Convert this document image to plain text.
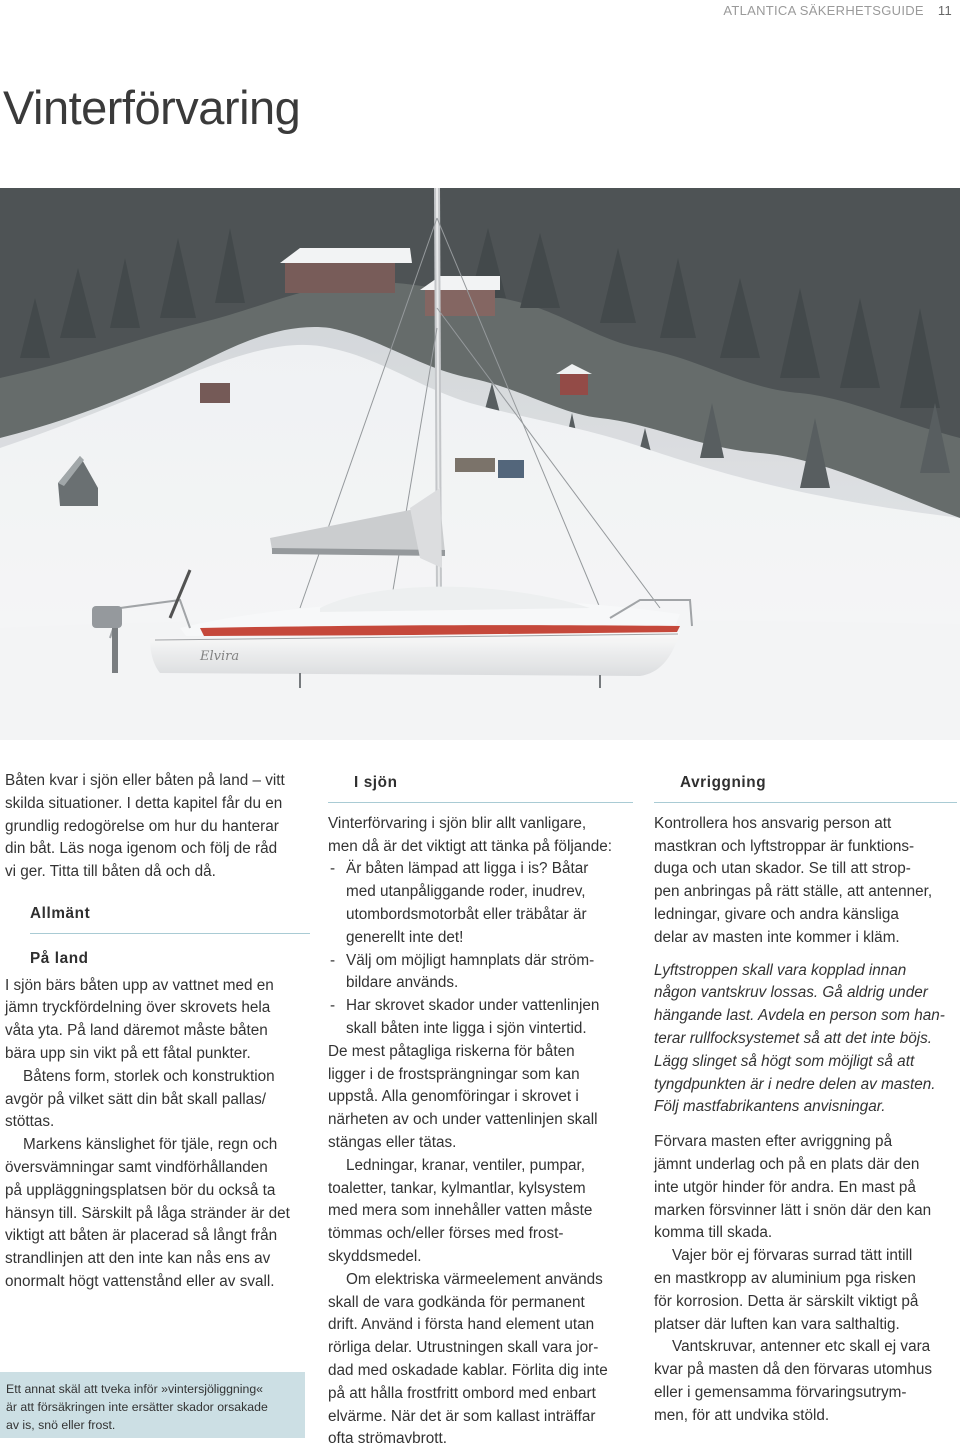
ATLANTICA SÄKERHETSGUIDE 11
Vinterförvaring
Elvira
Båten kvar i sjön eller båten på land – vitt
skilda situationer. I detta kapitel får du en
grundlig redogörelse om hur du hanterar
din båt. Läs noga igenom och följ de råd
vi ger. Titta till båten då och då.
Allmänt
På land
I sjön bärs båten upp av vattnet med en
jämn tryckfördelning över skrovets hela
våta yta. På land däremot måste båten
bära upp sin vikt på ett fåtal punkter.
Båtens form, storlek och konstruktion
avgör på vilket sätt din båt skall pallas/
stöttas.
Markens känslighet för tjäle, regn och
översvämningar samt vindförhållanden
på uppläggningsplatsen bör du också ta
hänsyn till. Särskilt på låga stränder är det
viktigt att båten är placerad så långt från
strandlinjen att den inte kan nås ens av
onormalt högt vattenstånd eller av svall.
Ett annat skäl att tveka inför »vintersjöliggning«
är att försäkringen inte ersätter skador orsakade
av is, snö eller frost.
I sjön
Vinterförvaring i sjön blir allt vanligare,
men då är det viktigt att tänka på följande:
- Är båten lämpad att ligga i is? Båtar
med utanpåliggande roder, inudrev,
utombordsmotorbåt eller träbåtar är
generellt inte det!
- Välj om möjligt hamnplats där ström-
bildare används.
- Har skrovet skador under vattenlinjen
skall båten inte ligga i sjön vintertid.
De mest påtagliga riskerna för båten
ligger i de frostsprängningar som kan
uppstå. Alla genomföringar i skrovet i
närheten av och under vattenlinjen skall
stängas eller tätas.
Ledningar, kranar, ventiler, pumpar,
toaletter, tankar, kylmantlar, kylsystem
med mera som innehåller vatten måste
tömmas och/eller förses med frost-
skyddsmedel.
Om elektriska värmeelement används
skall de vara godkända för permanent
drift. Använd i första hand element utan
rörliga delar. Utrustningen skall vara jor-
dad med oskadade kablar. Förlita dig inte
på att hålla frostfritt ombord med enbart
elvärme. När det är som kallast inträffar
ofta strömavbrott.
Avriggning
Kontrollera hos ansvarig person att
mastkran och lyftstroppar är funktions-
duga och utan skador. Se till att strop-
pen anbringas på rätt ställe, att antenner,
ledningar, givare och andra känsliga
delar av masten inte kommer i kläm.
Lyftstroppen skall vara kopplad innan
någon vantskruv lossas. Gå aldrig under
hängande last. Avdela en person som han-
terar rullfocksystemet så att det inte böjs.
Lägg slinget så högt som möjligt så att
tyngdpunkten är i nedre delen av masten.
Följ mastfabrikantens anvisningar.
Förvara masten efter avriggning på
jämnt underlag och på en plats där den
inte utgör hinder för andra. En mast på
marken försvinner lätt i snön där den kan
komma till skada.
Vajer bör ej förvaras surrad tätt intill
en mastkropp av aluminium pga risken
för korrosion. Detta är särskilt viktigt på
platser där luften kan vara salthaltig.
Vantskruvar, antenner etc skall ej vara
kvar på masten då den förvaras utomhus
eller i gemensamma förvaringsutrym-
men, för att undvika stöld.
